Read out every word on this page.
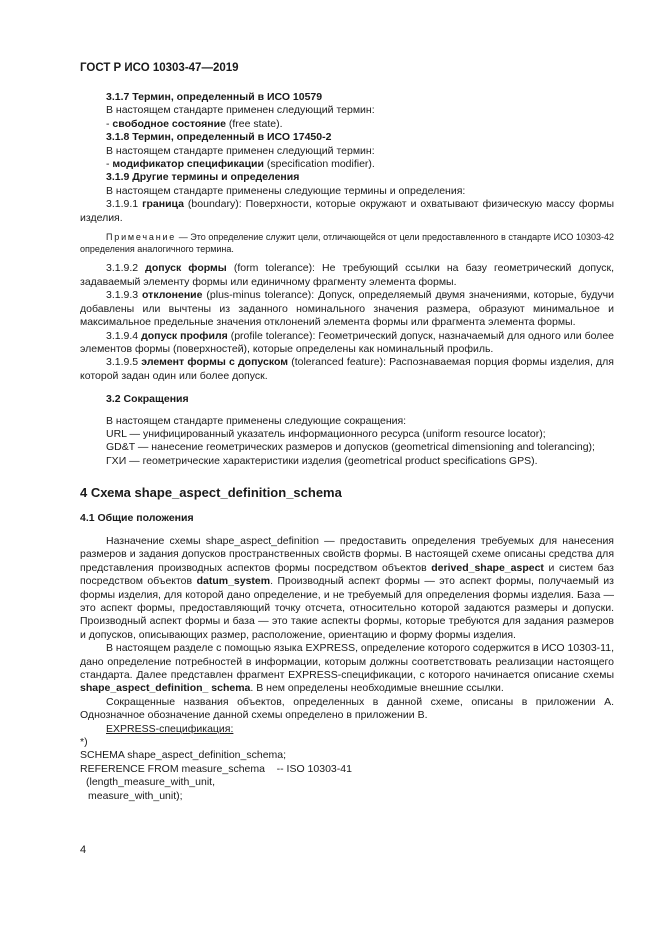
ГОСТ Р ИСО 10303-47—2019
3.1.7 Термин, определенный в ИСО 10579

В настоящем стандарте применен следующий термин:

- свободное состояние (free state).

3.1.8 Термин, определенный в ИСО 17450-2

В настоящем стандарте применен следующий термин:

- модификатор спецификации (specification modifier).

3.1.9 Другие термины и определения

В настоящем стандарте применены следующие термины и определения:

3.1.9.1 граница (boundary): Поверхности, которые окружают и охватывают физическую массу формы изделия.

Примечание — Это определение служит цели, отличающейся от цели предоставленного в стандарте ИСО 10303-42 определения аналогичного термина.

3.1.9.2 допуск формы (form tolerance): Не требующий ссылки на базу геометрический допуск, задаваемый элементу формы или единичному фрагменту элемента формы.

3.1.9.3 отклонение (plus-minus tolerance): Допуск, определяемый двумя значениями, которые, будучи добавлены или вычтены из заданного номинального значения размера, образуют минимальное и максимальное предельные значения отклонений элемента формы или фрагмента элемента формы.

3.1.9.4 допуск профиля (profile tolerance): Геометрический допуск, назначаемый для одного или более элементов формы (поверхностей), которые определены как номинальный профиль.

3.1.9.5 элемент формы с допуском (toleranced feature): Распознаваемая порция формы изделия, для которой задан один или более допуск.

3.2 Сокращения

В настоящем стандарте применены следующие сокращения:

URL — унифицированный указатель информационного ресурса (uniform resource locator);

GD&T — нанесение геометрических размеров и допусков (geometrical dimensioning and tolerancing);

ГХИ — геометрические характеристики изделия (geometrical product specifications GPS).

4 Схема shape_aspect_definition_schema
4.1 Общие положения

Назначение схемы shape_aspect_definition — предоставить определения требуемых для нанесения размеров и задания допусков пространственных свойств формы. В настоящей схеме описаны средства для представления производных аспектов формы посредством объектов derived_shape_aspect и систем баз посредством объектов datum_system. Производный аспект формы — это аспект формы, получаемый из формы изделия, для которой дано определение, и не требуемый для определения формы изделия. База — это аспект формы, предоставляющий точку отсчета, относительно которой задаются размеры и допуски. Производный аспект формы и база — это такие аспекты формы, которые требуются для задания размеров и допусков, описывающих размер, расположение, ориентацию и форму формы изделия.

В настоящем разделе с помощью языка EXPRESS, определение которого содержится в ИСО 10303-11, дано определение потребностей в информации, которым должны соответствовать реализации настоящего стандарта. Далее представлен фрагмент EXPRESS-спецификации, с которого начинается описание схемы shape_aspect_definition_ schema. В нем определены необходимые внешние ссылки.

Сокращенные названия объектов, определенных в данной схеме, описаны в приложении А. Однозначное обозначение данной схемы определено в приложении В.

EXPRESS-спецификация:

*)

SCHEMA shape_aspect_definition_schema;

REFERENCE FROM measure_schema    -- ISO 10303-41

(length_measure_with_unit,

measure_with_unit);

4
